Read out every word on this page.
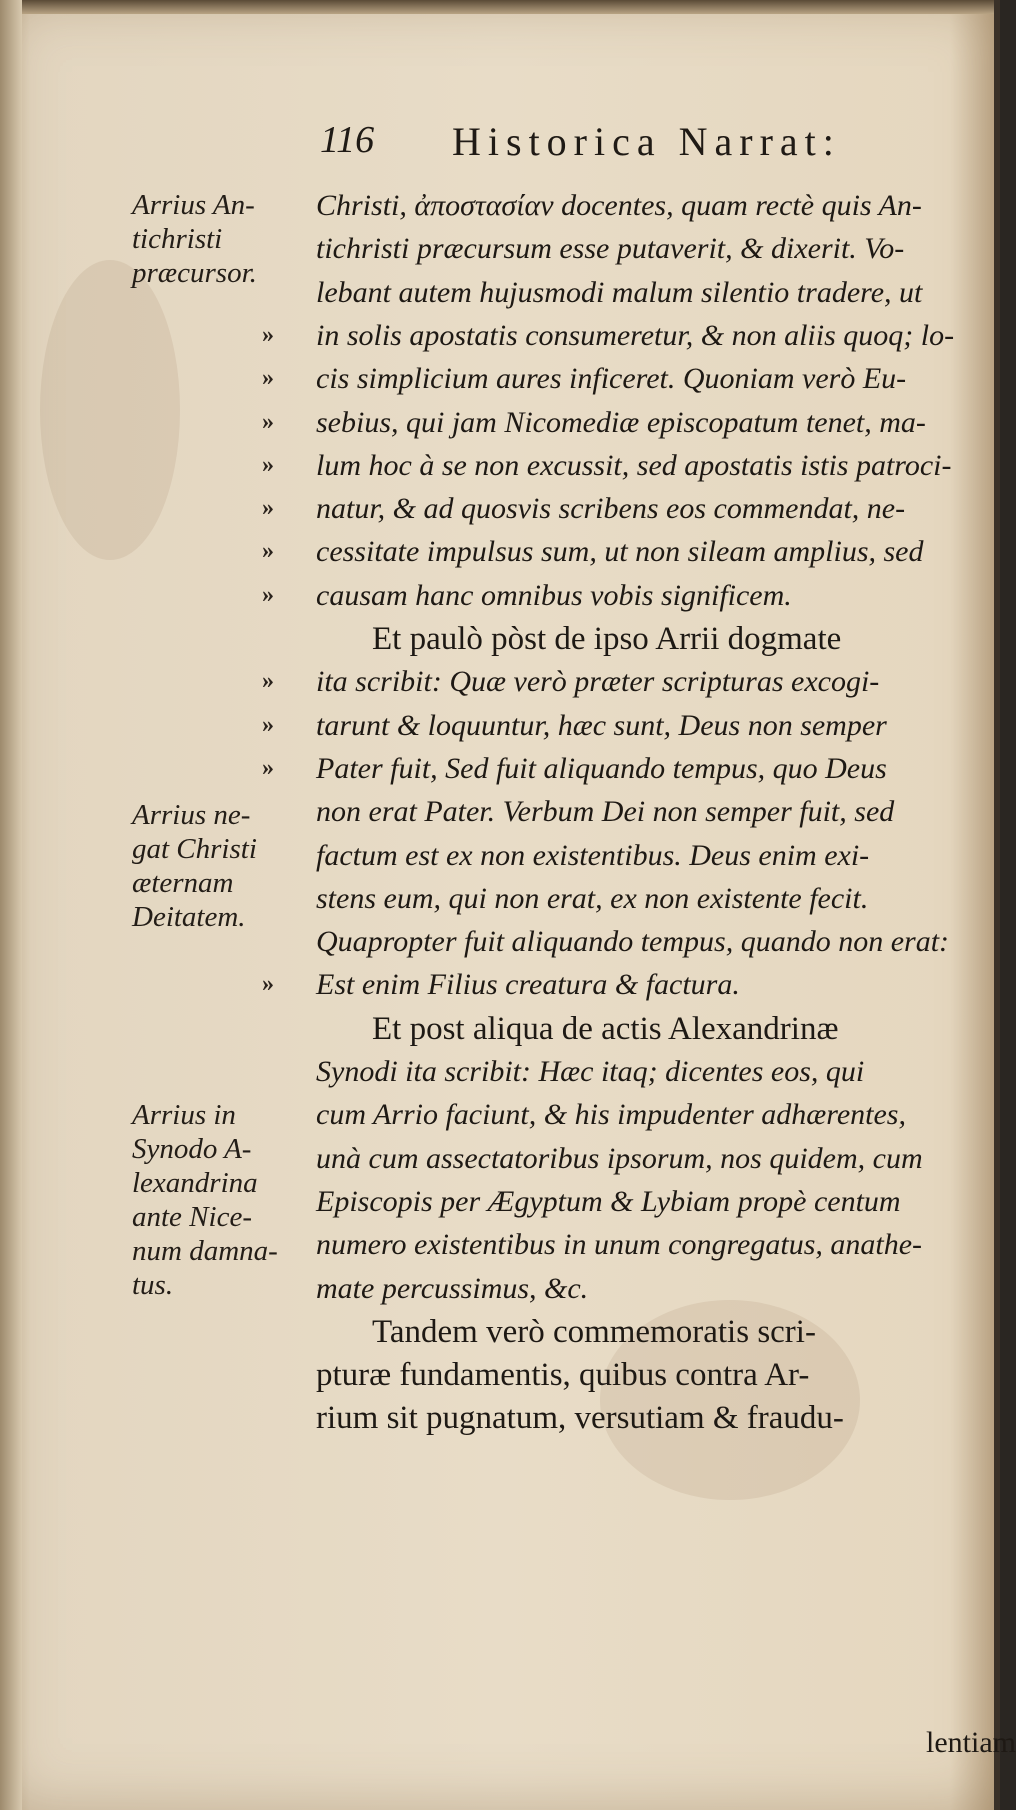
116 Historica Narrat:
Arrius An-
tichristi
præcursor.
Arrius ne-
gat Christi
æternam
Deitatem.
Arrius in
Synodo A-
lexandrina
ante Nice-
num damna-
tus.
lentiam
Christi, ἀποστασίαν docentes, quam rectè quis An-
tichristi præcursum esse putaverit, & dixerit. Vo-
lebant autem hujusmodi malum silentio tradere, ut
» in solis apostatis consumeretur, & non aliis quoq; lo-
» cis simplicium aures inficeret. Quoniam verò Eu-
» sebius, qui jam Nicomediæ episcopatum tenet, ma-
» lum hoc à se non excussit, sed apostatis istis patroci-
» natur, & ad quosvis scribens eos commendat, ne-
» cessitate impulsus sum, ut non sileam amplius, sed
» causam hanc omnibus vobis significem.
Et paulò pòst de ipso Arrii dogmate
» ita scribit: Quæ verò præter scripturas excogi-
» tarunt & loquuntur, hæc sunt, Deus non semper
» Pater fuit, Sed fuit aliquando tempus, quo Deus
non erat Pater. Verbum Dei non semper fuit, sed
factum est ex non existentibus. Deus enim exi-
stens eum, qui non erat, ex non existente fecit.
Quapropter fuit aliquando tempus, quando non erat:
» Est enim Filius creatura & factura.
Et post aliqua de actis Alexandrinæ
Synodi ita scribit: Hæc itaq; dicentes eos, qui
cum Arrio faciunt, & his impudenter adhærentes,
unà cum assectatoribus ipsorum, nos quidem, cum
Episcopis per Ægyptum & Lybiam propè centum
numero existentibus in unum congregatus, anathe-
mate percussimus, &c.
Tandem verò commemoratis scri-
pturæ fundamentis, quibus contra Ar-
rium sit pugnatum, versutiam & fraudu-
